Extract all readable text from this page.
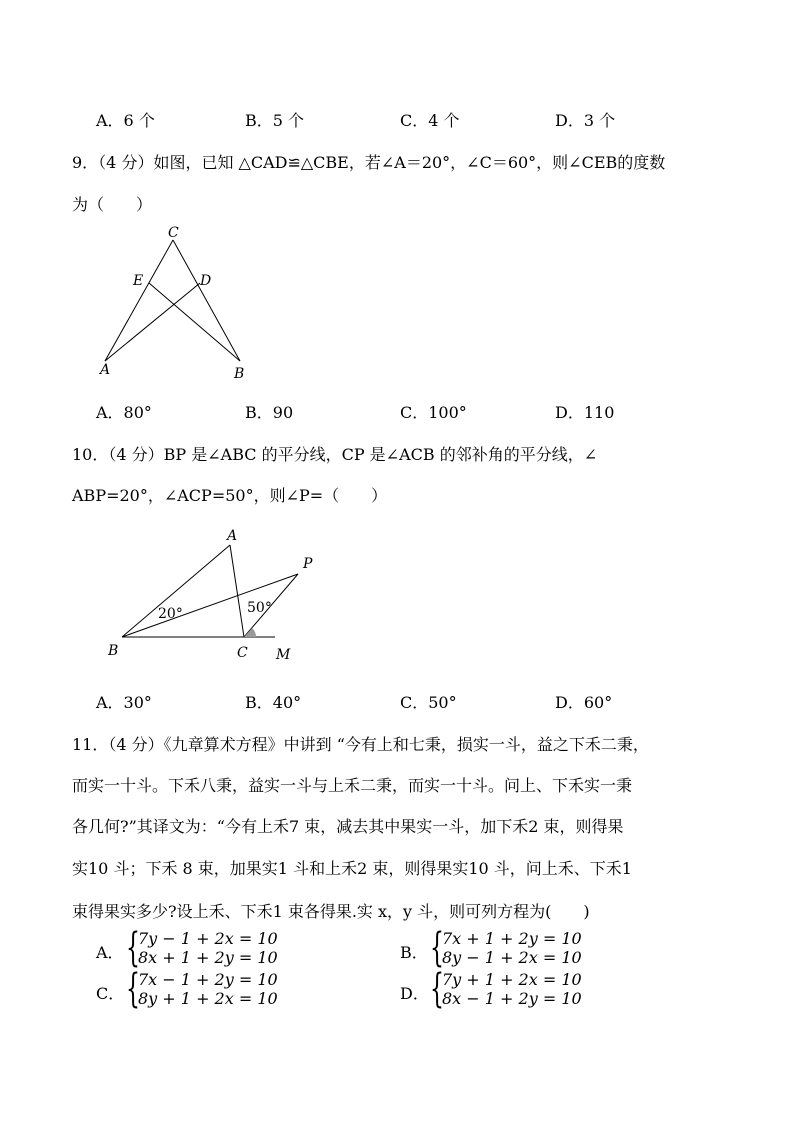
A．6 个	B．5 个	C．4 个	D．3 个
9．（4 分）如图，已知 △CAD≌△CBE，若∠A＝20°，∠C＝60°，则∠CEB的度数
为（　　）
C
E	D
A	B
A．80°	B．90	C．100°	D．110
10．（4 分）BP 是∠ABC 的平分线，CP 是∠ACB 的邻补角的平分线，∠
ABP=20°，∠ACP=50°，则∠P=（　　）
A
P
B	C M
20°	50°
A．30°	B．40°	C．50°	D．60°
11．（4 分）《九章算术方程》中讲到 “今有上和七秉，损实一斗，益之下禾二秉，
而实一十斗。下禾八秉，益实一斗与上禾二秉，而实一十斗。问上、下禾实一秉
各几何?”其译文为：“今有上禾7 束，减去其中果实一斗，加下禾2 束，则得果
实10 斗；下禾 8 束，加果实1 斗和上禾2 束，则得果实10 斗，问上禾、下禾1
束得果实多少?设上禾、下禾1 束各得果.实 x，y 斗，则可列方程为(　　)
A． {
7y − 1 + 2x = 10
8x + 1 + 2y = 10	B． {
7x + 1 + 2y = 10
8y − 1 + 2x = 10
C． {
7x − 1 + 2y = 10
8y + 1 + 2x = 10	D． {
7y + 1 + 2x = 10
8x − 1 + 2y = 10
